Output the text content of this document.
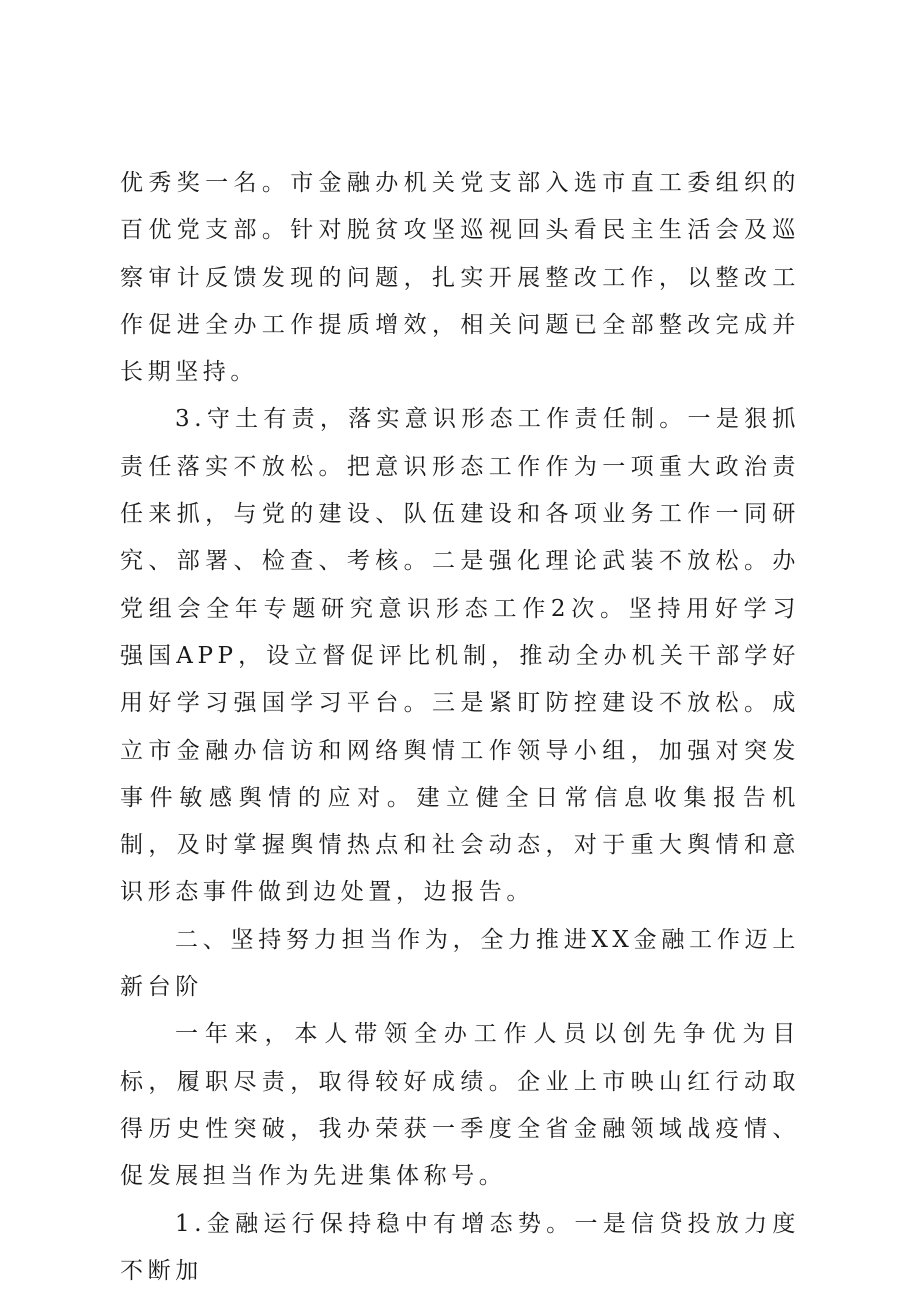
优秀奖一名。市金融办机关党支部入选市直工委组织的百优党支部。针对脱贫攻坚巡视回头看民主生活会及巡察审计反馈发现的问题，扎实开展整改工作，以整改工作促进全办工作提质增效，相关问题已全部整改完成并长期坚持。

3.守土有责，落实意识形态工作责任制。一是狠抓责任落实不放松。把意识形态工作作为一项重大政治责任来抓，与党的建设、队伍建设和各项业务工作一同研究、部署、检查、考核。二是强化理论武装不放松。办党组会全年专题研究意识形态工作2次。坚持用好学习强国APP，设立督促评比机制，推动全办机关干部学好用好学习强国学习平台。三是紧盯防控建设不放松。成立市金融办信访和网络舆情工作领导小组，加强对突发事件敏感舆情的应对。建立健全日常信息收集报告机制，及时掌握舆情热点和社会动态，对于重大舆情和意识形态事件做到边处置，边报告。

二、坚持努力担当作为，全力推进XX金融工作迈上新台阶

一年来，本人带领全办工作人员以创先争优为目标，履职尽责，取得较好成绩。企业上市映山红行动取得历史性突破，我办荣获一季度全省金融领域战疫情、促发展担当作为先进集体称号。

1.金融运行保持稳中有增态势。一是信贷投放力度不断加
